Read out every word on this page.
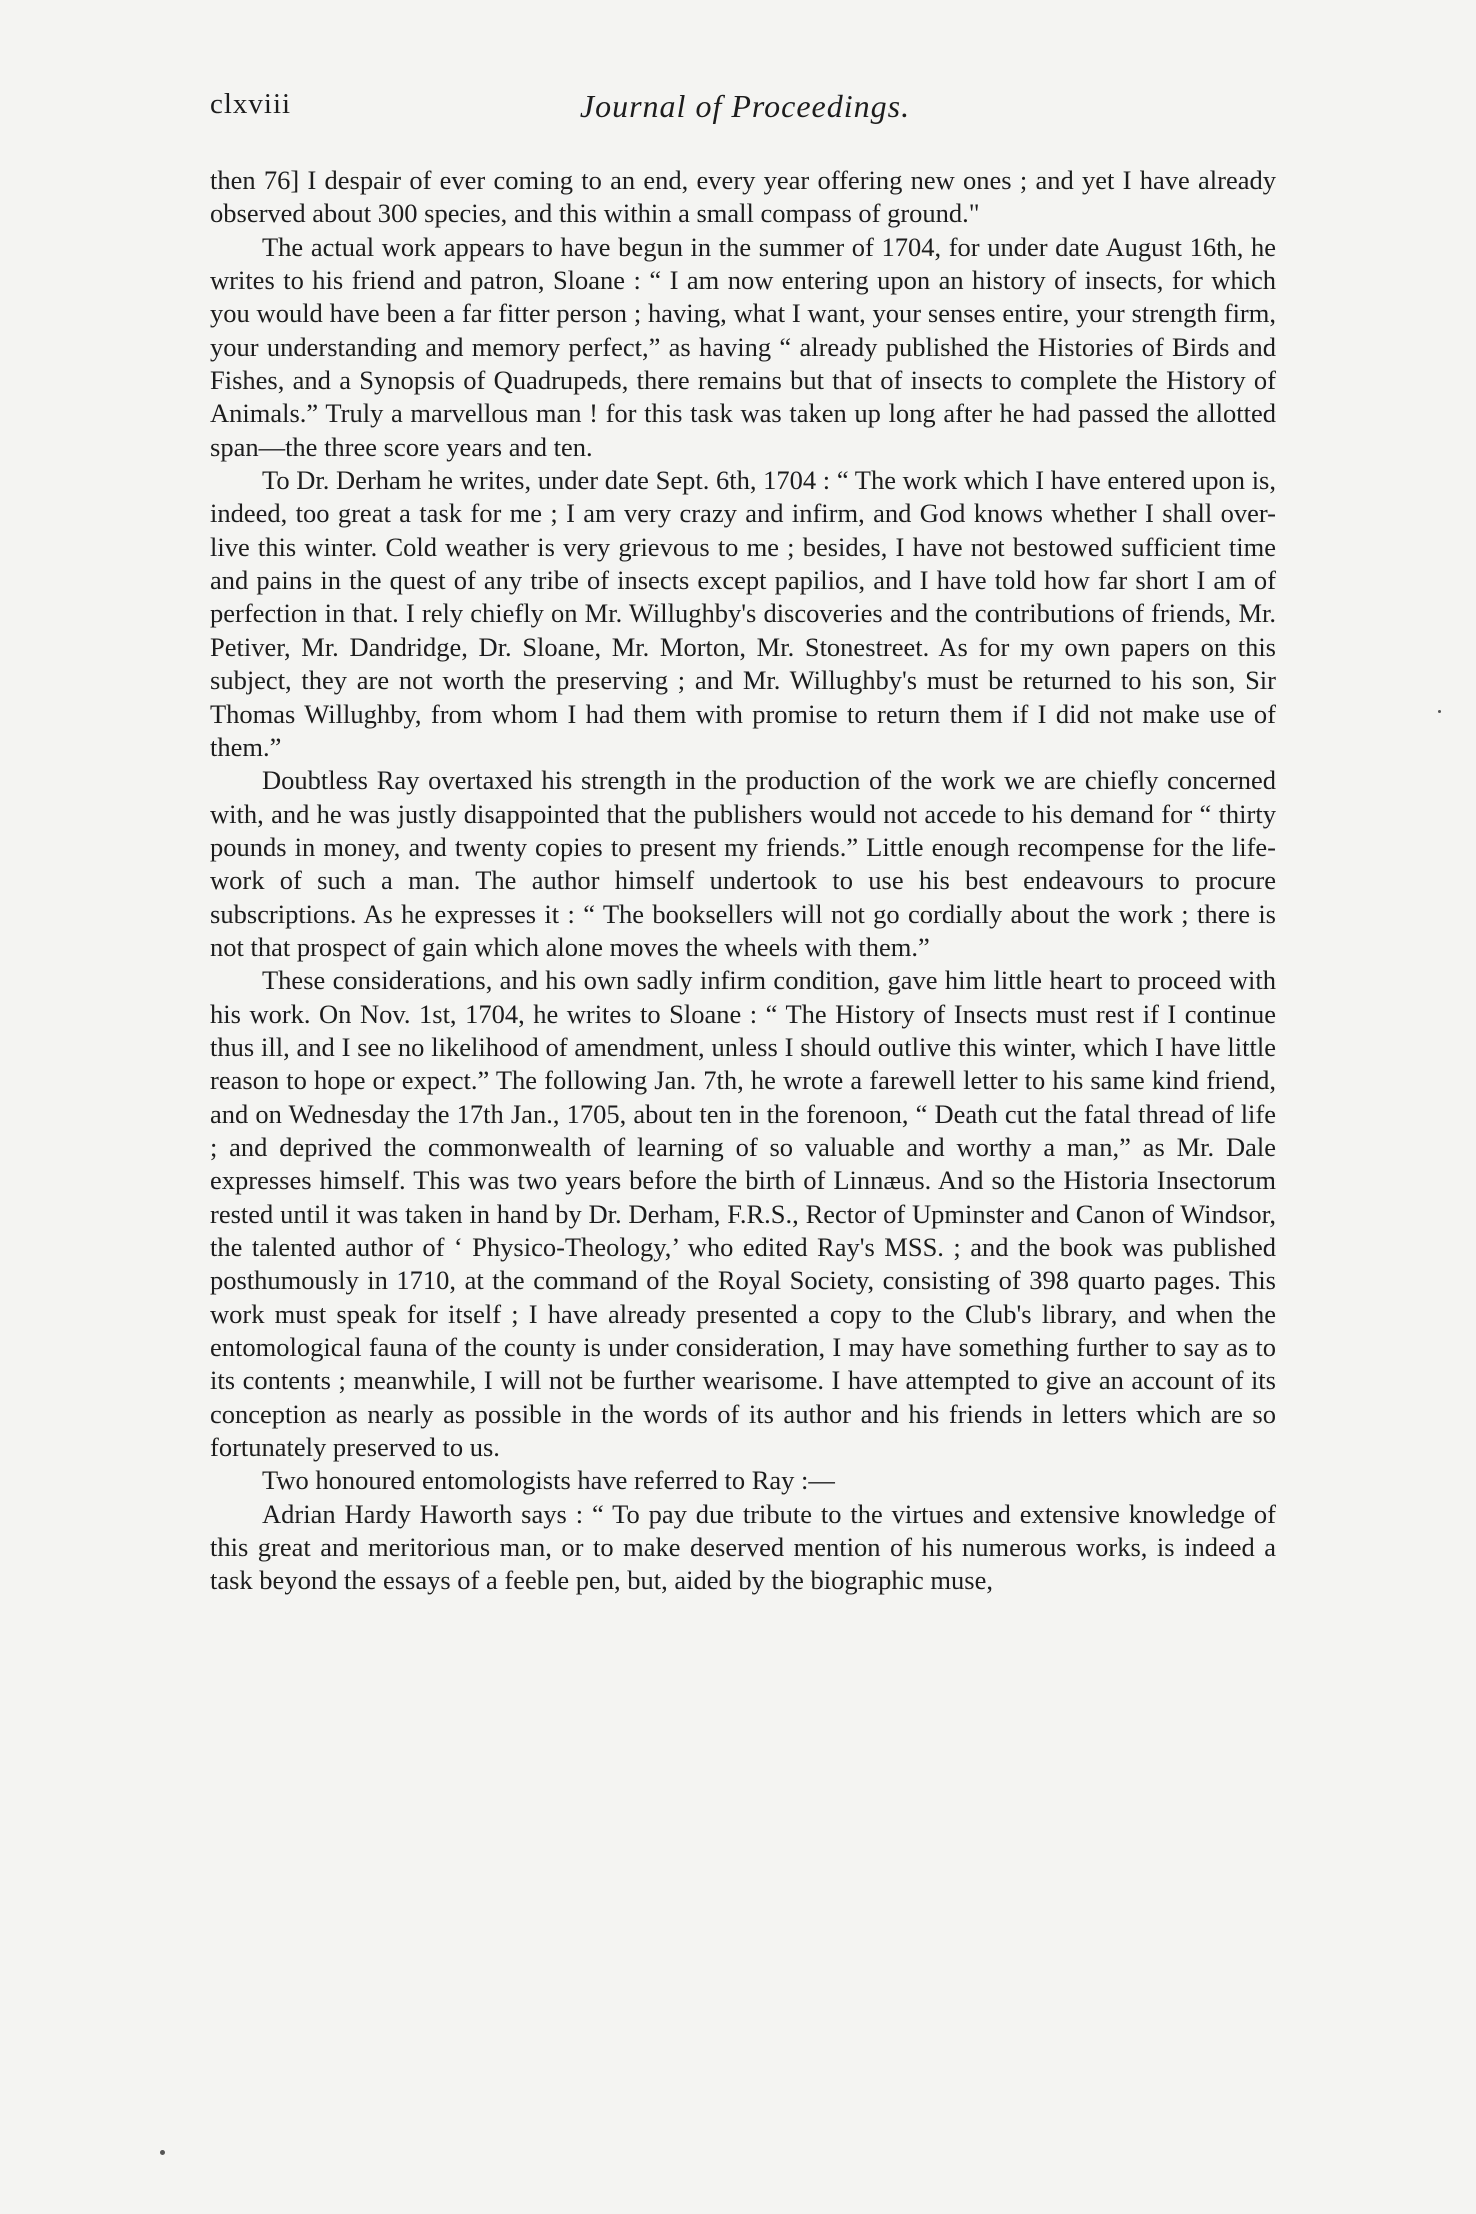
clxviii	Journal of Proceedings.

then 76] I despair of ever coming to an end, every year offering new ones ; and yet I have already observed about 300 species, and this within a small compass of ground."

The actual work appears to have begun in the summer of 1704, for under date August 16th, he writes to his friend and patron, Sloane : “ I am now entering upon an history of insects, for which you would have been a far fitter person ; having, what I want, your senses entire, your strength firm, your understanding and memory perfect,” as having “ already published the Histories of Birds and Fishes, and a Synopsis of Quadrupeds, there remains but that of insects to complete the History of Animals.” Truly a marvellous man ! for this task was taken up long after he had passed the allotted span—the three score years and ten.

To Dr. Derham he writes, under date Sept. 6th, 1704 : “ The work which I have entered upon is, indeed, too great a task for me ; I am very crazy and infirm, and God knows whether I shall over-live this winter. Cold weather is very grievous to me ; besides, I have not bestowed sufficient time and pains in the quest of any tribe of insects except papilios, and I have told how far short I am of perfection in that. I rely chiefly on Mr. Willughby's discoveries and the contributions of friends, Mr. Petiver, Mr. Dandridge, Dr. Sloane, Mr. Morton, Mr. Stonestreet. As for my own papers on this subject, they are not worth the preserving ; and Mr. Willughby's must be returned to his son, Sir Thomas Willughby, from whom I had them with promise to return them if I did not make use of them.”

Doubtless Ray overtaxed his strength in the production of the work we are chiefly concerned with, and he was justly disappointed that the publishers would not accede to his demand for “ thirty pounds in money, and twenty copies to present my friends.” Little enough recompense for the life-work of such a man. The author himself undertook to use his best endeavours to procure subscriptions. As he expresses it : “ The booksellers will not go cordially about the work ; there is not that prospect of gain which alone moves the wheels with them.”

These considerations, and his own sadly infirm condition, gave him little heart to proceed with his work. On Nov. 1st, 1704, he writes to Sloane : “ The History of Insects must rest if I continue thus ill, and I see no likelihood of amendment, unless I should outlive this winter, which I have little reason to hope or expect.” The following Jan. 7th, he wrote a farewell letter to his same kind friend, and on Wednesday the 17th Jan., 1705, about ten in the forenoon, “ Death cut the fatal thread of life ; and deprived the commonwealth of learning of so valuable and worthy a man,” as Mr. Dale expresses himself. This was two years before the birth of Linnæus. And so the Historia Insectorum rested until it was taken in hand by Dr. Derham, F.R.S., Rector of Upminster and Canon of Windsor, the talented author of ‘ Physico-Theology,’ who edited Ray's MSS. ; and the book was published posthumously in 1710, at the command of the Royal Society, consisting of 398 quarto pages. This work must speak for itself ; I have already presented a copy to the Club's library, and when the entomological fauna of the county is under consideration, I may have something further to say as to its contents ; meanwhile, I will not be further wearisome. I have attempted to give an account of its conception as nearly as possible in the words of its author and his friends in letters which are so fortunately preserved to us.

Two honoured entomologists have referred to Ray :—

Adrian Hardy Haworth says : “ To pay due tribute to the virtues and extensive knowledge of this great and meritorious man, or to make deserved mention of his numerous works, is indeed a task beyond the essays of a feeble pen, but, aided by the biographic muse,
